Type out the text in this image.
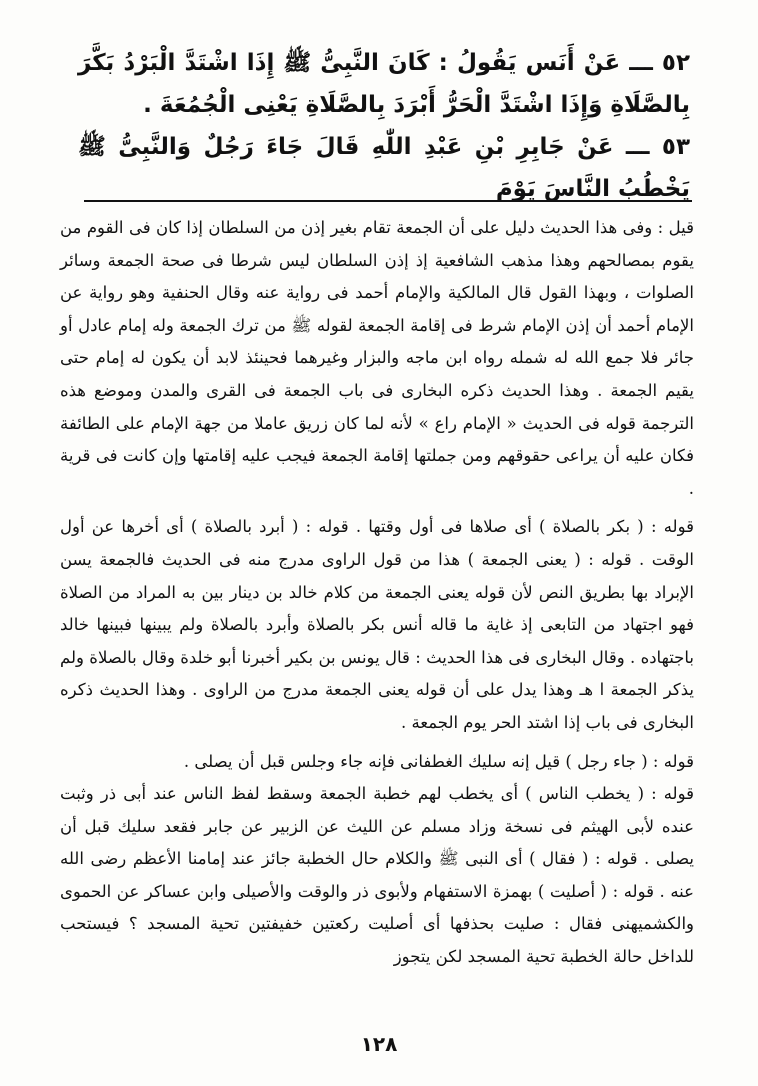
٥٢ ـــ عَنْ أَنَس يَقُولُ : كَانَ النَّبِىُّ ﷺ إِذَا اشْتَدَّ الْبَرْدُ بَكَّرَ بِالصَّلَاةِ وَإِذَا اشْتَدَّ الْحَرُّ أَبْرَدَ بِالصَّلَاةِ يَعْنِى الْجُمُعَةَ .

٥٣ ـــ عَنْ جَابِرِ بْنِ عَبْدِ اللّٰهِ قَالَ جَاءَ رَجُلٌ وَالنَّبِىُّ ﷺ يَخْطُبُ النَّاسَ يَوْمَ

قيل : وفى هذا الحديث دليل على أن الجمعة تقام بغير إذن من السلطان إذا كان فى القوم من يقوم بمصالحهم وهذا مذهب الشافعية إذ إذن السلطان ليس شرطا فى صحة الجمعة وسائر الصلوات ، وبهذا القول قال المالكية والإمام أحمد فى رواية عنه وقال الحنفية وهو رواية عن الإمام أحمد أن إذن الإمام شرط فى إقامة الجمعة لقوله ﷺ من ترك الجمعة وله إمام عادل أو جائر فلا جمع الله له شمله رواه ابن ماجه والبزار وغيرهما فحينئذ لابد أن يكون له إمام حتى يقيم الجمعة . وهذا الحديث ذكره البخارى فى باب الجمعة فى القرى والمدن وموضع هذه الترجمة قوله فى الحديث « الإمام راع » لأنه لما كان زريق عاملا من جهة الإمام على الطائفة فكان عليه أن يراعى حقوقهم ومن جملتها إقامة الجمعة فيجب عليه إقامتها وإن كانت فى قرية .

قوله : ( بكر بالصلاة ) أى صلاها فى أول وقتها . قوله : ( أبرد بالصلاة ) أى أخرها عن أول الوقت . قوله : ( يعنى الجمعة ) هذا من قول الراوى مدرج منه فى الحديث فالجمعة يسن الإبراد بها بطريق النص لأن قوله يعنى الجمعة من كلام خالد بن دينار بين به المراد من الصلاة فهو اجتهاد من التابعى إذ غاية ما قاله أنس بكر بالصلاة وأبرد بالصلاة ولم يبينها فبينها خالد باجتهاده . وقال البخارى فى هذا الحديث : قال يونس بن بكير أخبرنا أبو خلدة وقال بالصلاة ولم يذكر الجمعة ا هـ وهذا يدل على أن قوله يعنى الجمعة مدرج من الراوى . وهذا الحديث ذكره البخارى فى باب إذا اشتد الحر يوم الجمعة .

قوله : ( جاء رجل ) قيل إنه سليك الغطفانى فإنه جاء وجلس قبل أن يصلى .

قوله : ( يخطب الناس ) أى يخطب لهم خطبة الجمعة وسقط لفظ الناس عند أبى ذر وثبت عنده لأبى الهيثم فى نسخة وزاد مسلم عن الليث عن الزبير عن جابر فقعد سليك قبل أن يصلى . قوله : ( فقال ) أى النبى ﷺ والكلام حال الخطبة جائز عند إمامنا الأعظم رضى الله عنه . قوله : ( أصليت ) بهمزة الاستفهام ولأبوى ذر والوقت والأصيلى وابن عساكر عن الحموى والكشميهنى فقال : صليت بحذفها أى أصليت ركعتين خفيفتين تحية المسجد ؟ فيستحب للداخل حالة الخطبة تحية المسجد لكن يتجوز

١٢٨
